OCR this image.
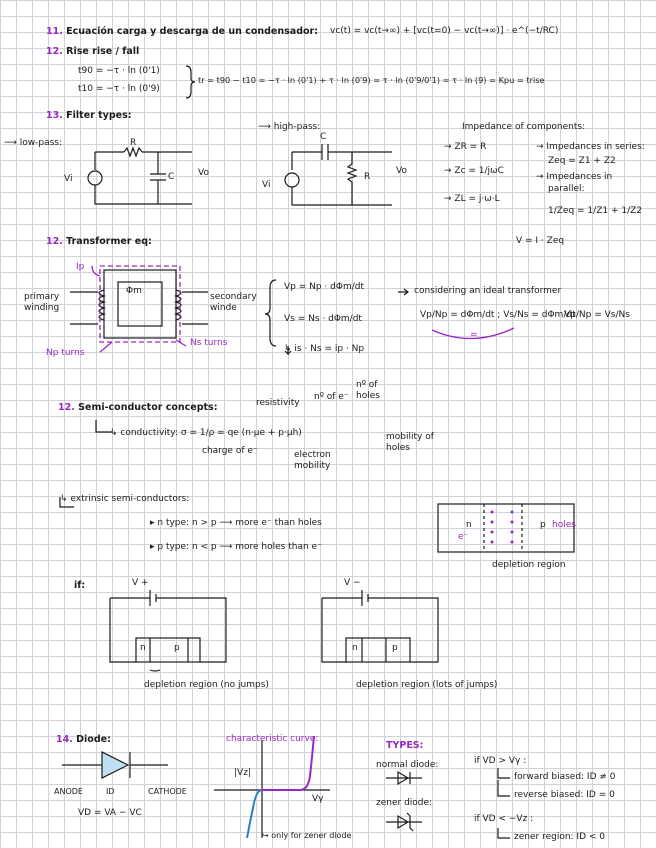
11. Ecuación carga y descarga de un condensador: vc(t) = vc(t→∞) + [vc(t=0) − vc(t→∞)] · e^(−t/RC)
12. Rise rise / fall
t90 = −τ · ln (0'1)
t10 = −τ · ln (0'9)
tr = t90 − t10 = −τ · ln (0'1) + τ · ln (0'9) = τ · ln (0'9/0'1) = τ · ln (9) = Kpu = trise
13. Filter types:
⟶ low-pass:
⟶ high-pass:
R
C
Vi
Vo
C
R
Vi
Vo
Impedance of components:
→ ZR = R
→ Zc = 1/jωC
→ ZL = j·ω·L
→ Impedances in series:
Zeq = Z1 + Z2
→ Impedances in
parallel:
1/Zeq = 1/Z1 + 1/Z2
V = I · Zeq
12. Transformer eq:
Ip
Φm
primary winding
secondary winde
Np turns
Ns turns
Vp = Np · dΦm/dt
Vs = Ns · dΦm/dt
↳ is · Ns = ip · Np
considering an ideal transformer
Vp/Np = dΦm/dt ; Vs/Ns = dΦm/dt
Vp/Np = Vs/Ns
=
12. Semi-conductor concepts:
↳ conductivity: σ = 1/ρ = qe (n·μe + p·μh)
resistivity
nº of e⁻
nº of holes
charge of e⁻	electron mobility
mobility of holes
↳ extrinsic semi-conductors:
▸ n type: n > p ⟶ more e⁻ than holes
▸ p type: n < p ⟶ more holes than e⁻
n
e⁻
p holes
depletion region
if:	V +	V −
n	p	n	p
depletion region (no jumps)	depletion region (lots of jumps)
14. Diode:
ANODE	CATHODE
ID
VD = VA − VC
characteristic curve:
|Vz|
Vγ
↪ only for zener diode
TYPES:
normal diode:
zener diode:
if VD > Vγ :
forward biased: ID ≠ 0
reverse biased: ID = 0
if VD < −Vz :
zener region: ID < 0
